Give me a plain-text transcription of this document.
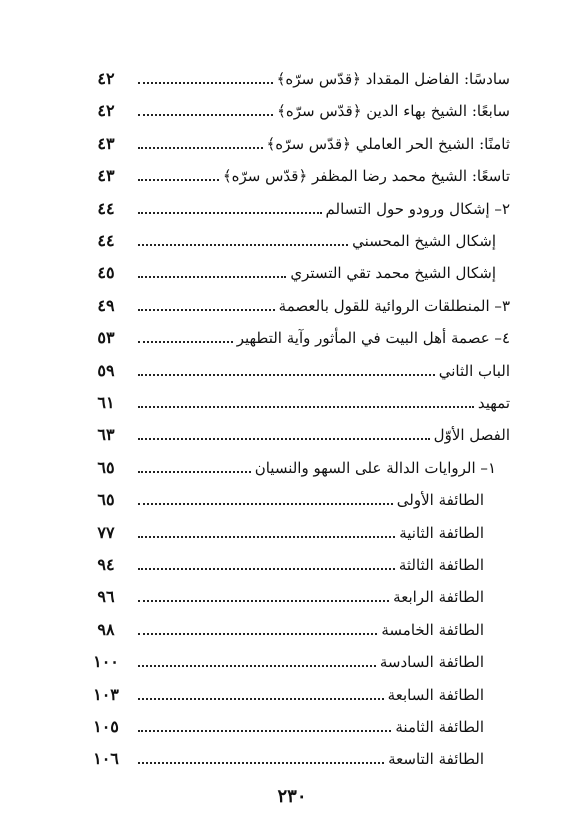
سادسًا: الفاضل المقداد ﴿قدّس سرّه﴾
٤٢
سابعًا: الشيخ بهاء الدين ﴿قدّس سرّه﴾
٤٢
ثامنًا: الشيخ الحر العاملي ﴿قدّس سرّه﴾
٤٣
تاسعًا: الشيخ محمد رضا المظفر ﴿قدّس سرّه﴾
٤٣
٢– إشكال ورودو حول التسالم
٤٤
إشكال الشيخ المحسني
٤٤
إشكال الشيخ محمد تقي التستري
٤٥
٣– المنطلقات الروائية للقول بالعصمة
٤٩
٤– عصمة أهل البيت في المأثور وآية التطهير
٥٣
الباب الثاني
٥٩
تمهيد
٦١
الفصل الأوّل
٦٣
١– الروايات الدالة على السهو والنسيان
٦٥
الطائفة الأولى
٦٥
الطائفة الثانية
٧٧
الطائفة الثالثة
٩٤
الطائفة الرابعة
٩٦
الطائفة الخامسة
٩٨
الطائفة السادسة
١٠٠
الطائفة السابعة
١٠٣
الطائفة الثامنة
١٠٥
الطائفة التاسعة
١٠٦
٢٣٠
